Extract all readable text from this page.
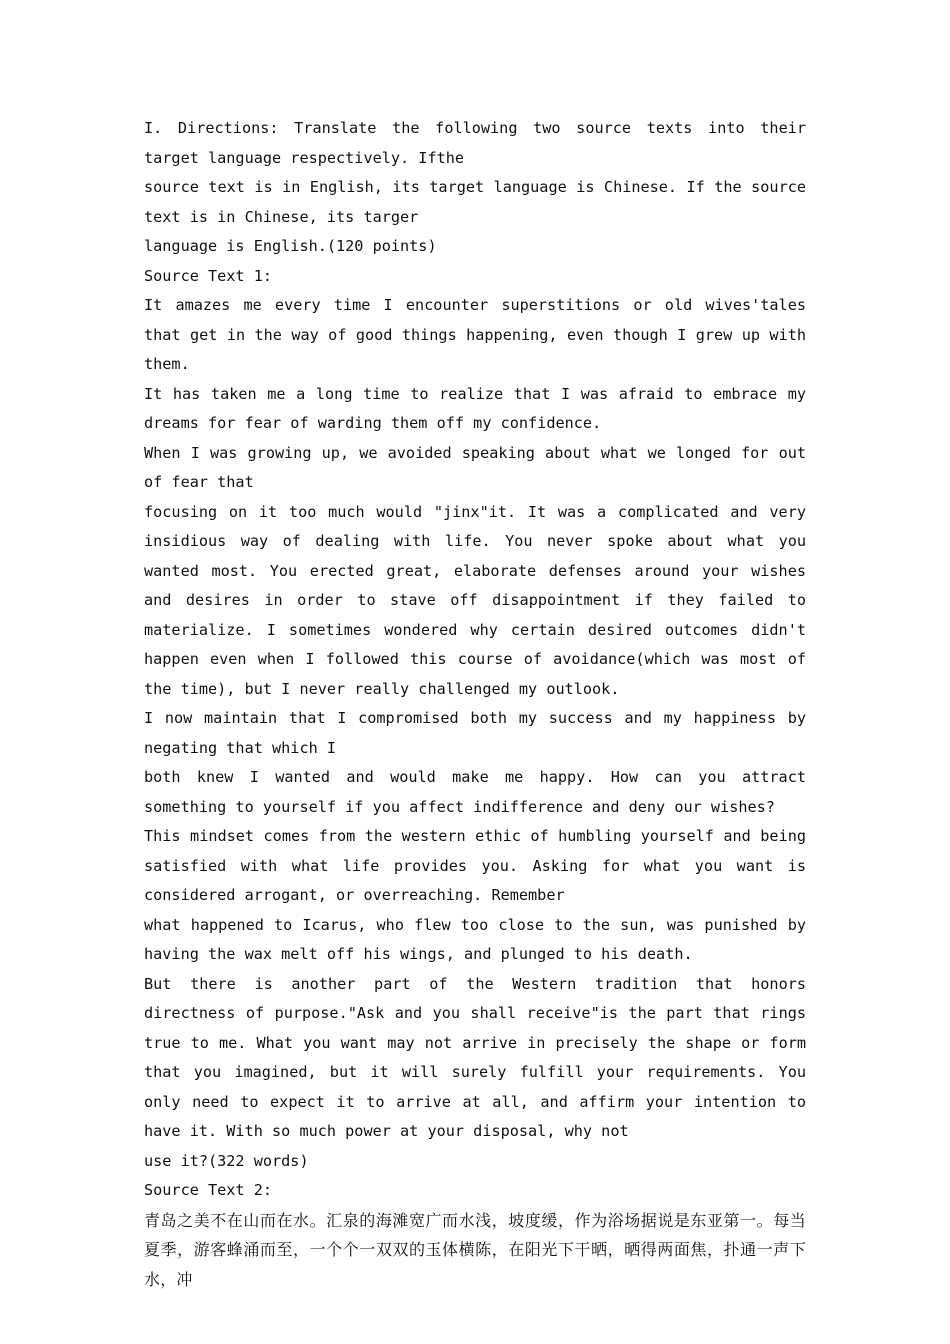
I. Directions: Translate the following two source texts into their target language respectively. Ifthe

source text is in English, its target language is Chinese. If the source text is in Chinese, its targer

language is English.(120 points)

Source Text 1:

It amazes me every time I encounter superstitions or old wives'tales that get in the way of good things happening, even though I grew up with them.

It has taken me a long time to realize that I was afraid to embrace my dreams for fear of warding them off my confidence.

When I was growing up, we avoided speaking about what we longed for out of fear that

focusing on it too much would "jinx"it. It was a complicated and very insidious way of dealing with life. You never spoke about what you wanted most. You erected great, elaborate defenses around your wishes and desires in order to stave off disappointment if they failed to materialize. I sometimes wondered why certain desired outcomes didn't happen even when I followed this course of avoidance(which was most of the time), but I never really challenged my outlook.

I now maintain that I compromised both my success and my happiness by negating that which I

both knew I wanted and would make me happy. How can you attract something to yourself if you affect indifference and deny our wishes?

This mindset comes from the western ethic of humbling yourself and being satisfied with what life provides you. Asking for what you want is considered arrogant, or overreaching. Remember

what happened to Icarus, who flew too close to the sun, was punished by having the wax melt off his wings, and plunged to his death.

But there is another part of the Western tradition that honors directness of purpose."Ask and you shall receive"is the part that rings true to me. What you want may not arrive in precisely the shape or form that you imagined, but it will surely fulfill your requirements. You only need to expect it to arrive at all, and affirm your intention to have it. With so much power at your disposal, why not

use it?(322 words)

Source Text 2:

青岛之美不在山而在水。汇泉的海滩宽广而水浅，坡度缓，作为浴场据说是东亚第一。每当夏季，游客蜂涌而至，一个个一双双的玉体横陈，在阳光下干晒，晒得两面焦，扑通一声下水，冲
